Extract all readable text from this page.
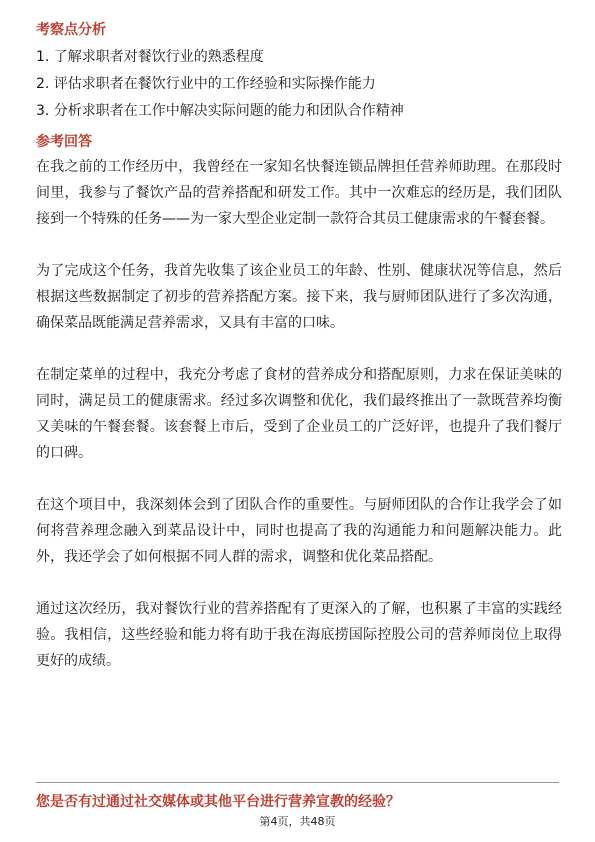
考察点分析

1. 了解求职者对餐饮行业的熟悉程度

2. 评估求职者在餐饮行业中的工作经验和实际操作能力

3. 分析求职者在工作中解决实际问题的能力和团队合作精神

参考回答

在我之前的工作经历中，我曾经在一家知名快餐连锁品牌担任营养师助理。在那段时间里，我参与了餐饮产品的营养搭配和研发工作。其中一次难忘的经历是，我们团队接到一个特殊的任务——为一家大型企业定制一款符合其员工健康需求的午餐套餐。

为了完成这个任务，我首先收集了该企业员工的年龄、性别、健康状况等信息，然后根据这些数据制定了初步的营养搭配方案。接下来，我与厨师团队进行了多次沟通，确保菜品既能满足营养需求，又具有丰富的口味。

在制定菜单的过程中，我充分考虑了食材的营养成分和搭配原则，力求在保证美味的同时，满足员工的健康需求。经过多次调整和优化，我们最终推出了一款既营养均衡又美味的午餐套餐。该套餐上市后，受到了企业员工的广泛好评，也提升了我们餐厅的口碑。

在这个项目中，我深刻体会到了团队合作的重要性。与厨师团队的合作让我学会了如何将营养理念融入到菜品设计中，同时也提高了我的沟通能力和问题解决能力。此外，我还学会了如何根据不同人群的需求，调整和优化菜品搭配。

通过这次经历，我对餐饮行业的营养搭配有了更深入的了解，也积累了丰富的实践经验。我相信，这些经验和能力将有助于我在海底捞国际控股公司的营养师岗位上取得更好的成绩。

您是否有过通过社交媒体或其他平台进行营养宣教的经验？

第4页，共48页
